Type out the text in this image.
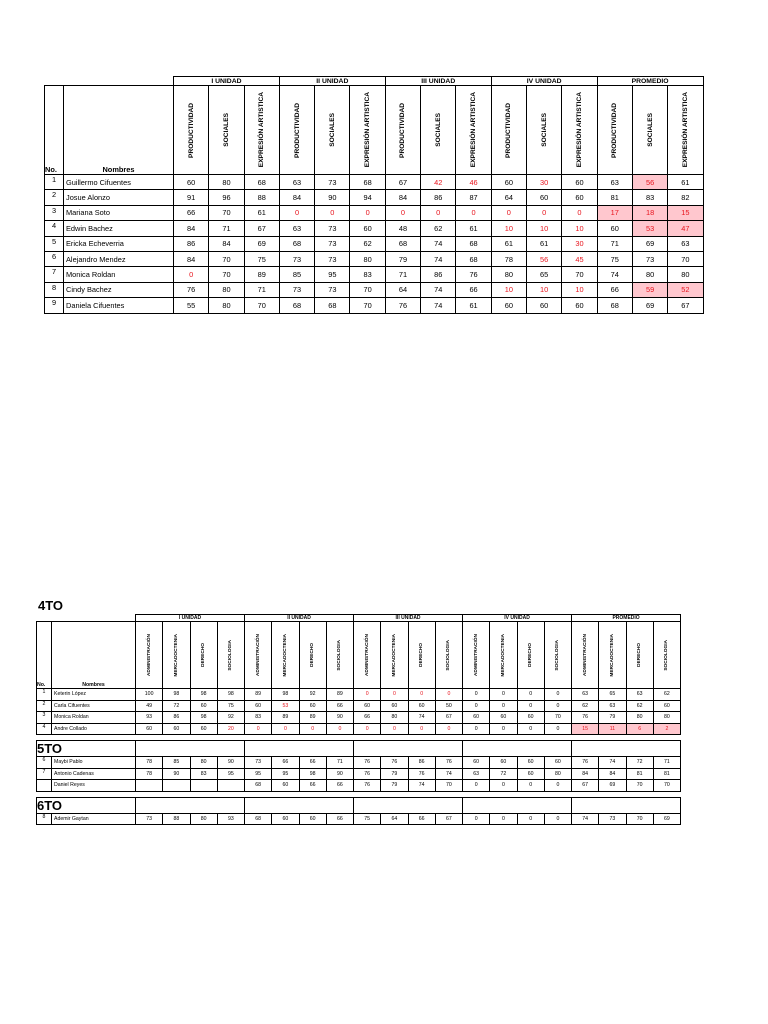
		I UNIDAD			II UNIDAD			III UNIDAD			IV UNIDAD			PROMEDIO		
No.	Nombres	PRODUCTIVIDAD	SOCIALES	EXPRESIÓN ARTISTICA	PRODUCTIVIDAD	SOCIALES	EXPRESIÓN ARTISTICA	PRODUCTIVIDAD	SOCIALES	EXPRESIÓN ARTISTICA	PRODUCTIVIDAD	SOCIALES	EXPRESIÓN ARTISTICA	PRODUCTIVIDAD	SOCIALES	EXPRESIÓN ARTISTICA

1	Guillermo Cifuentes	60	80	68	63	73	68	67	42	46	60	30	60	63	56	61
2	Josue Alonzo	91	96	88	84	90	94	84	86	87	64	60	60	81	83	82
3	Mariana Soto	66	70	61	0	0	0	0	0	0	0	0	0	17	18	15
4	Edwin Bachez	84	71	67	63	73	60	48	62	61	10	10	10	60	53	47
5	Ericka Echeverria	86	84	69	68	73	62	68	74	68	61	61	30	71	69	63
6	Alejandro Mendez	84	70	75	73	73	80	79	74	68	78	56	45	75	73	70
7	Monica Roldan	0	70	89	85	95	83	71	86	76	80	65	70	74	80	80
8	Cindy Bachez	76	80	71	73	73	70	64	74	66	10	10	10	66	59	52
9	Daniela Cifuentes	55	80	70	68	68	70	76	74	61	60	60	60	68	69	67
4TO
		I UNIDAD				II UNIDAD				III UNIDAD				IV UNIDAD				PROMEDIO			
No.	Nombres	ADMINISTRACIÓN	MERCADOCTENIA	DERECHO	SOCIOLOGIA	ADMINISTRACIÓN	MERCADOCTENIA	DERECHO	SOCIOLOGIA	ADMINISTRACIÓN	MERCADOCTENIA	DERECHO	SOCIOLOGIA	ADMINISTRACIÓN	MERCADOCTENIA	DERECHO	SOCIOLOGIA	ADMINISTRACIÓN	MERCADOCTENIA	DERECHO	SOCIOLOGIA

1	Keterin López	100	98	98	98	89	98	92	89	0	0	0	0	0	0	0	0	63	65	63	62
2	Carla Cifuentes	49	72	60	75	60	53	60	66	60	60	60	50	0	0	0	0	62	63	62	60
3	Monica Roldan	93	86	98	92	83	89	89	90	66	80	74	67	60	60	60	70	76	79	80	80
4	Andre Collado	60	60	60	20	0	0	0	0	0	0	0	0	0	0	0	0	15	11	6	2

5TO																					
6	Maybi Pablo	78	85	80	90	73	66	66	71	76	76	86	76	60	60	60	60	76	74	72	71
7	Antonio Cadenas	78	90	83	95	95	95	98	90	76	79	76	74	63	72	60	80	84	84	81	81
	Daniel Reyes					68	60	66	66	76	79	74	70	0	0	0	0	67	69	70	70

6TO																					
8	Ademir Gaytan	73	88	80	93	68	60	60	66	75	64	66	67	0	0	0	0	74	73	70	69
